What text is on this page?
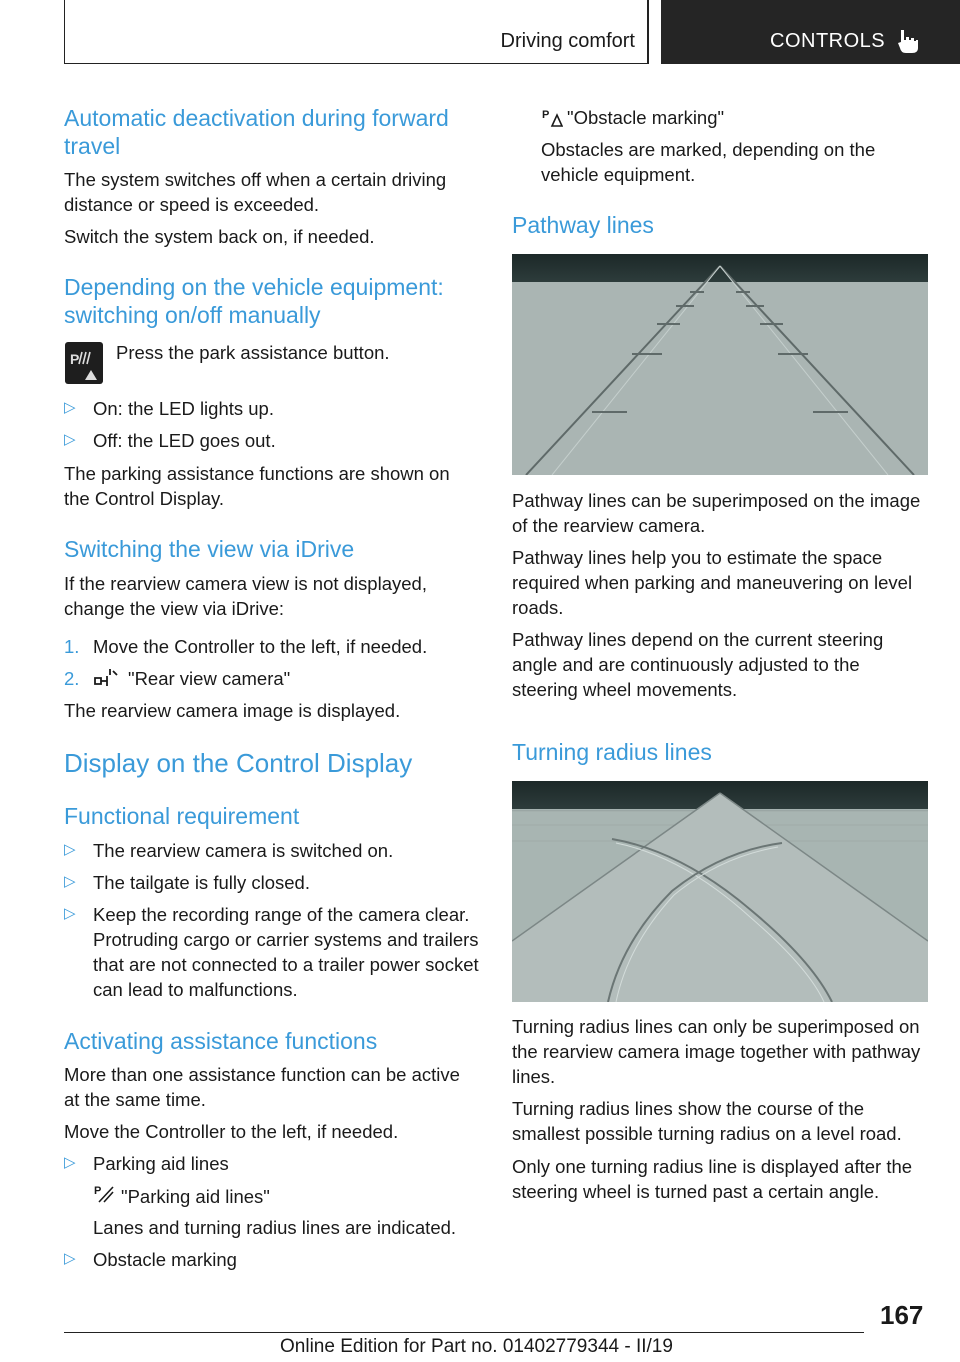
Driving comfort	CONTROLS
Automatic deactivation during forward travel
The system switches off when a certain driving distance or speed is exceeded.
Switch the system back on, if needed.
Depending on the vehicle equipment: switching on/off manually
P Press the park assistance button.
▷ On: the LED lights up.
▷ Off: the LED goes out.
The parking assistance functions are shown on the Control Display.
Switching the view via iDrive
If the rearview camera view is not displayed, change the view via iDrive:
1. Move the Controller to the left, if needed.
2.	"Rear view camera"
The rearview camera image is displayed.
Display on the Control Display
Functional requirement
▷ The rearview camera is switched on.
▷ The tailgate is fully closed.
▷ Keep the recording range of the camera clear. Protruding cargo or carrier systems and trailers that are not connected to a trailer power socket can lead to malfunctions.
Activating assistance functions
More than one assistance function can be active at the same time.
Move the Controller to the left, if needed.
▷ Parking aid lines
P "Parking aid lines"
Lanes and turning radius lines are indicated.
▷ Obstacle marking
P "Obstacle marking"
Obstacles are marked, depending on the vehicle equipment.
Pathway lines
Pathway lines can be superimposed on the image of the rearview camera.
Pathway lines help you to estimate the space required when parking and maneuvering on level roads.
Pathway lines depend on the current steering angle and are continuously adjusted to the steering wheel movements.
Turning radius lines
Turning radius lines can only be superimposed on the rearview camera image together with pathway lines.
Turning radius lines show the course of the smallest possible turning radius on a level road.
Only one turning radius line is displayed after the steering wheel is turned past a certain angle.
167
Online Edition for Part no. 01402779344 - II/19
